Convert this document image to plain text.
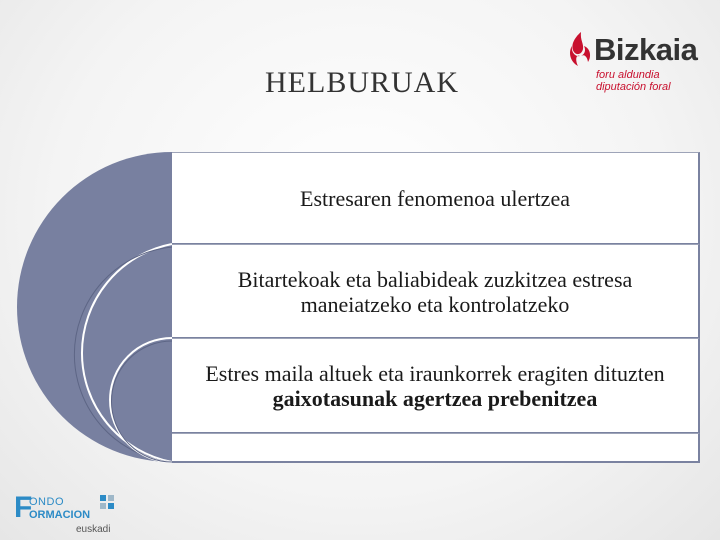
HELBURUAK
Bizkaia
foru aldundia
diputación foral
Estresaren fenomenoa ulertzea
Bitartekoak eta baliabideak zuzkitzea estresa maneiatzeko eta kontrolatzeko
Estres maila altuek eta iraunkorrek eragiten dituzten gaixotasunak agertzea prebenitzea
F
ONDO
ORMACION
euskadi
